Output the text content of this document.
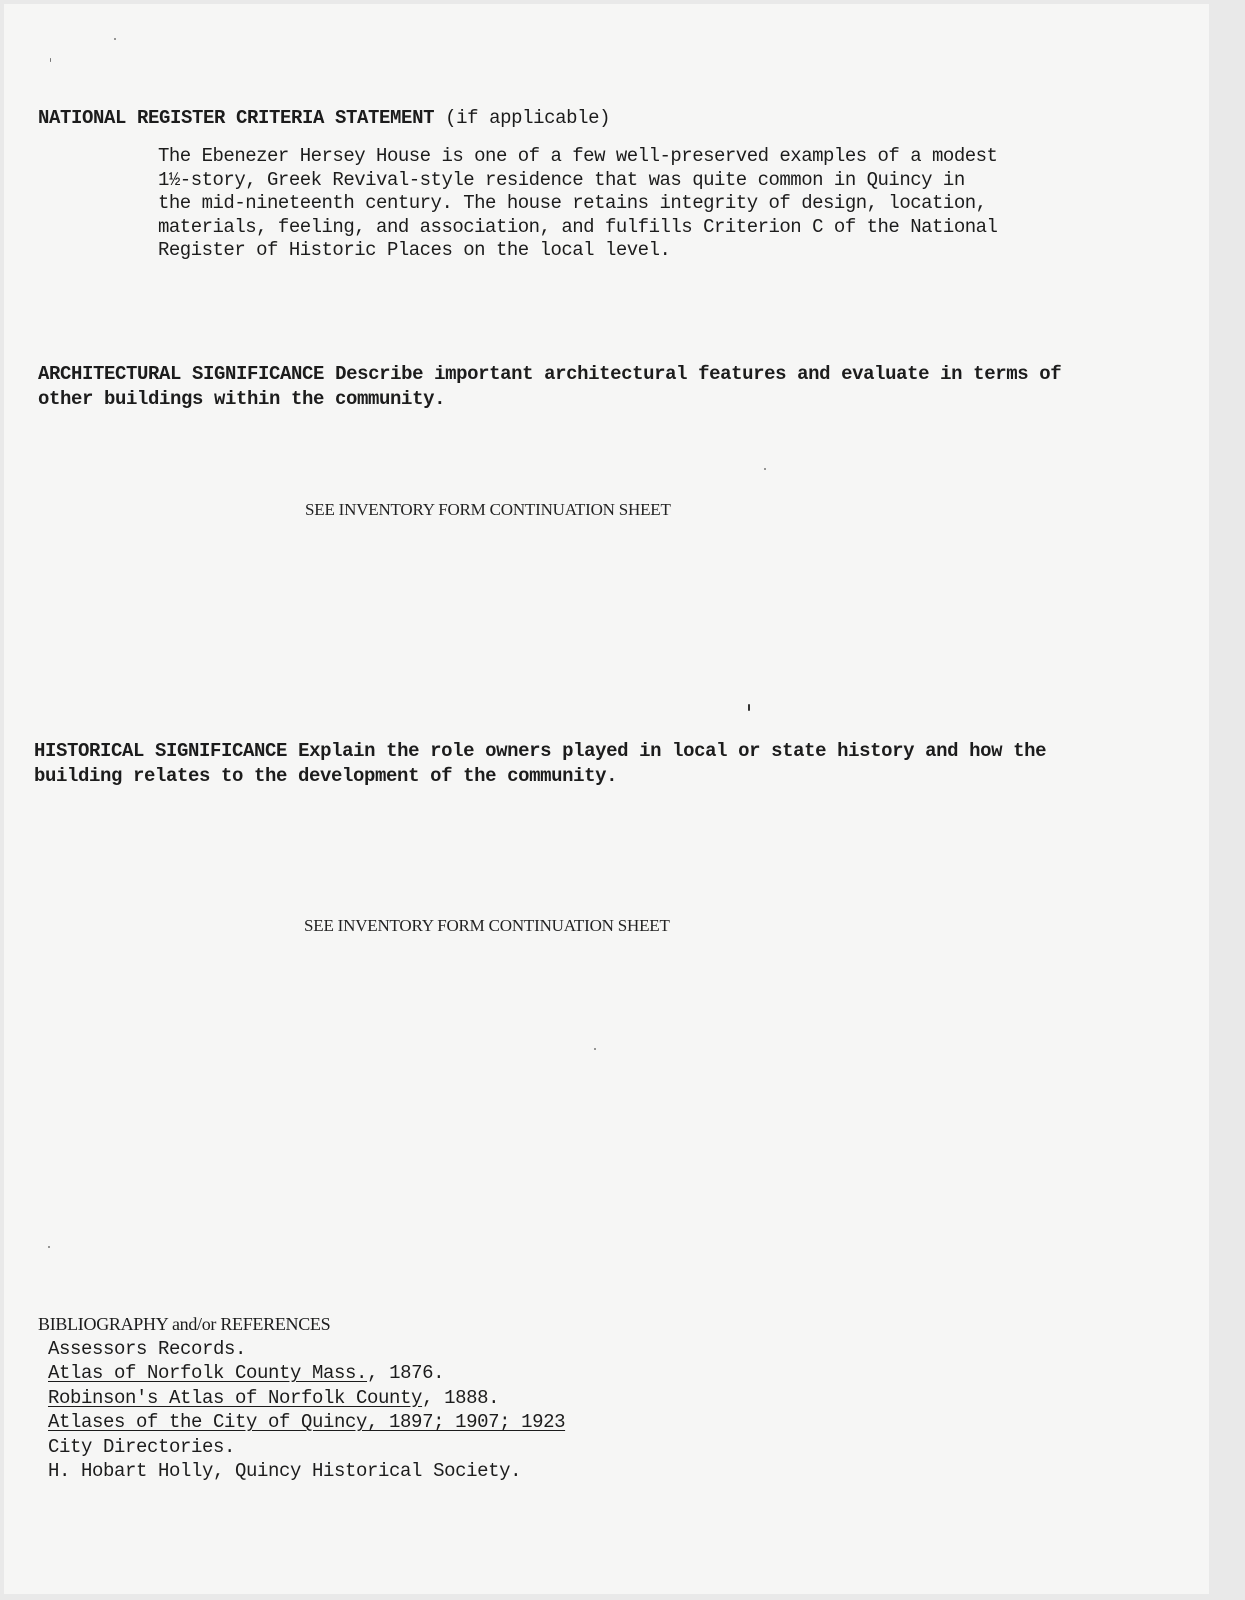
NATIONAL REGISTER CRITERIA STATEMENT (if applicable)
The Ebenezer Hersey House is one of a few well-preserved examples of a modest
1½-story, Greek Revival-style residence that was quite common in Quincy in
the mid-nineteenth century. The house retains integrity of design, location,
materials, feeling, and association, and fulfills Criterion C of the National
Register of Historic Places on the local level.
ARCHITECTURAL SIGNIFICANCE Describe important architectural features and evaluate in terms of
other buildings within the community.
SEE INVENTORY FORM CONTINUATION SHEET
HISTORICAL SIGNIFICANCE Explain the role owners played in local or state history and how the
building relates to the development of the community.
SEE INVENTORY FORM CONTINUATION SHEET
BIBLIOGRAPHY and/or REFERENCES
Assessors Records.
Atlas of Norfolk County Mass., 1876.
Robinson's Atlas of Norfolk County, 1888.
Atlases of the City of Quincy, 1897; 1907; 1923
City Directories.
H. Hobart Holly, Quincy Historical Society.
